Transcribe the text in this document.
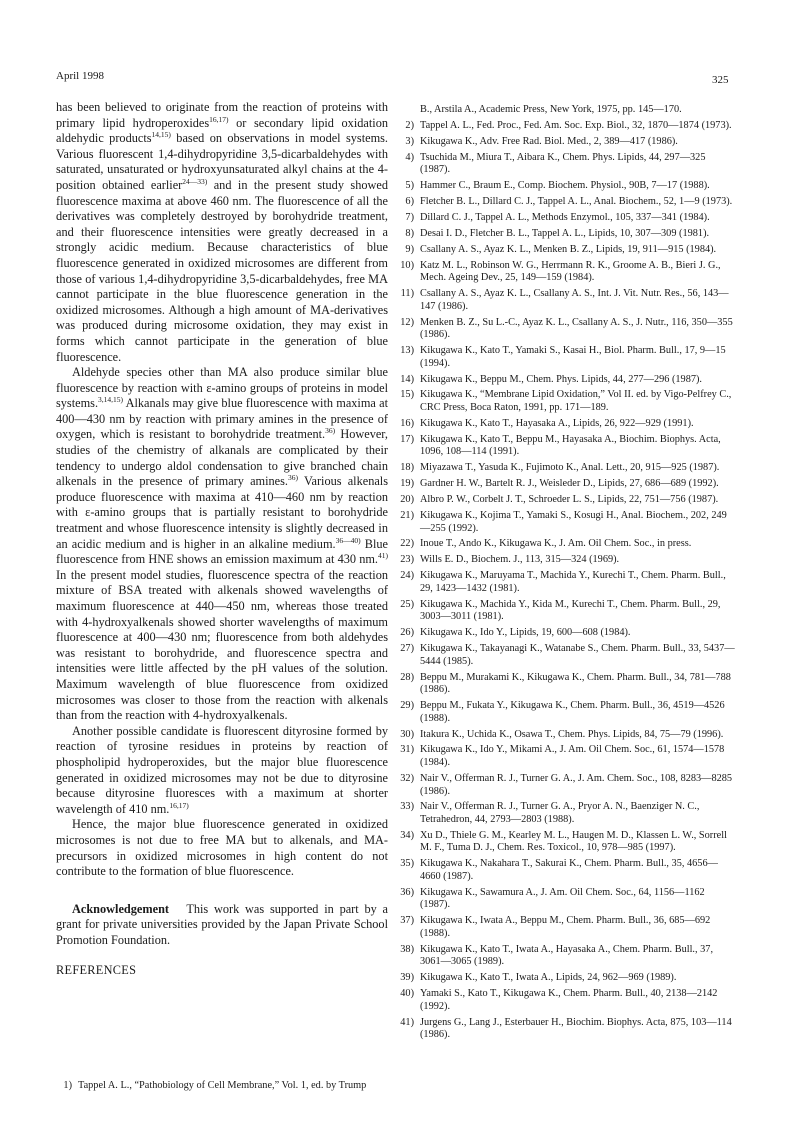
April 1998	325

has been believed to originate from the reaction of proteins with primary lipid hydroperoxides$^{16,17)}$ or secondary lipid oxidation aldehydic products$^{14,15)}$ based on observations in model systems. Various fluorescent 1,4-dihydropyridine 3,5-dicarbaldehydes with saturated, unsaturated or hydroxyunsaturated alkyl chains at the 4-position obtained earlier$^{24—33)}$ and in the present study showed fluorescence maxima at above 460 nm. The fluorescence of all the derivatives was completely destroyed by borohydride treatment, and their fluorescence intensities were greatly decreased in a strongly acidic medium. Because characteristics of blue fluorescence generated in oxidized microsomes are different from those of various 1,4-dihydropyridine 3,5-dicarbaldehydes, free MA cannot participate in the blue fluorescence generation in the oxidized microsomes. Although a high amount of MA-derivatives was produced during microsome oxidation, they may exist in forms which cannot participate in the generation of blue fluorescence.

Aldehyde species other than MA also produce similar blue fluorescence by reaction with ε-amino groups of proteins in model systems.$^{3,14,15)}$ Alkanals may give blue fluorescence with maxima at 400—430 nm by reaction with primary amines in the presence of oxygen, which is resistant to borohydride treatment.$^{36)}$ However, studies of the chemistry of alkanals are complicated by their tendency to undergo aldol condensation to give branched chain alkenals in the presence of primary amines.$^{36)}$ Various alkenals produce fluorescence with maxima at 410—460 nm by reaction with ε-amino groups that is partially resistant to borohydride treatment and whose fluorescence intensity is slightly decreased in an acidic medium and is higher in an alkaline medium.$^{36—40)}$ Blue fluorescence from HNE shows an emission maximum at 430 nm.$^{41)}$ In the present model studies, fluorescence spectra of the reaction mixture of BSA treated with alkenals showed wavelengths of maximum fluorescence at 440—450 nm, whereas those treated with 4-hydroxyalkenals showed shorter wavelengths of maximum fluorescence at 400—430 nm; fluorescence from both aldehydes was resistant to borohydride, and fluorescence spectra and intensities were little affected by the pH values of the solution. Maximum wavelength of blue fluorescence from oxidized microsomes was closer to those from the reaction with alkenals than from the reaction with 4-hydroxyalkenals.

Another possible candidate is fluorescent dityrosine formed by reaction of tyrosine residues in proteins by reaction of phospholipid hydroperoxides, but the major blue fluorescence generated in oxidized microsomes may not be due to dityrosine because dityrosine fluoresces with a maximum at shorter wavelength of 410 nm.$^{16,17)}$

Hence, the major blue fluorescence generated in oxidized microsomes is not due to free MA but to alkenals, and MA-precursors in oxidized microsomes in high content do not contribute to the formation of blue fluorescence.

Acknowledgement This work was supported in part by a grant for private universities provided by the Japan Private School Promotion Foundation.

REFERENCES

1) Tappel A. L., “Pathobiology of Cell Membrane,” Vol. 1, ed. by Trump
B., Arstila A., Academic Press, New York, 1975, pp. 145—170.
2) Tappel A. L., Fed. Proc., Fed. Am. Soc. Exp. Biol., 32, 1870—1874 (1973).
3) Kikugawa K., Adv. Free Rad. Biol. Med., 2, 389—417 (1986).
4) Tsuchida M., Miura T., Aibara K., Chem. Phys. Lipids, 44, 297—325 (1987).
5) Hammer C., Braum E., Comp. Biochem. Physiol., 90B, 7—17 (1988).
6) Fletcher B. L., Dillard C. J., Tappel A. L., Anal. Biochem., 52, 1—9 (1973).
7) Dillard C. J., Tappel A. L., Methods Enzymol., 105, 337—341 (1984).
8) Desai I. D., Fletcher B. L., Tappel A. L., Lipids, 10, 307—309 (1981).
9) Csallany A. S., Ayaz K. L., Menken B. Z., Lipids, 19, 911—915 (1984).
10) Katz M. L., Robinson W. G., Herrmann R. K., Groome A. B., Bieri J. G., Mech. Ageing Dev., 25, 149—159 (1984).
11) Csallany A. S., Ayaz K. L., Csallany A. S., Int. J. Vit. Nutr. Res., 56, 143—147 (1986).
12) Menken B. Z., Su L.-C., Ayaz K. L., Csallany A. S., J. Nutr., 116, 350—355 (1986).
13) Kikugawa K., Kato T., Yamaki S., Kasai H., Biol. Pharm. Bull., 17, 9—15 (1994).
14) Kikugawa K., Beppu M., Chem. Phys. Lipids, 44, 277—296 (1987).
15) Kikugawa K., “Membrane Lipid Oxidation,” Vol II. ed. by Vigo-Pelfrey C., CRC Press, Boca Raton, 1991, pp. 171—189.
16) Kikugawa K., Kato T., Hayasaka A., Lipids, 26, 922—929 (1991).
17) Kikugawa K., Kato T., Beppu M., Hayasaka A., Biochim. Biophys. Acta, 1096, 108—114 (1991).
18) Miyazawa T., Yasuda K., Fujimoto K., Anal. Lett., 20, 915—925 (1987).
19) Gardner H. W., Bartelt R. J., Weisleder D., Lipids, 27, 686—689 (1992).
20) Albro P. W., Corbelt J. T., Schroeder L. S., Lipids, 22, 751—756 (1987).
21) Kikugawa K., Kojima T., Yamaki S., Kosugi H., Anal. Biochem., 202, 249—255 (1992).
22) Inoue T., Ando K., Kikugawa K., J. Am. Oil Chem. Soc., in press.
23) Wills E. D., Biochem. J., 113, 315—324 (1969).
24) Kikugawa K., Maruyama T., Machida Y., Kurechi T., Chem. Pharm. Bull., 29, 1423—1432 (1981).
25) Kikugawa K., Machida Y., Kida M., Kurechi T., Chem. Pharm. Bull., 29, 3003—3011 (1981).
26) Kikugawa K., Ido Y., Lipids, 19, 600—608 (1984).
27) Kikugawa K., Takayanagi K., Watanabe S., Chem. Pharm. Bull., 33, 5437—5444 (1985).
28) Beppu M., Murakami K., Kikugawa K., Chem. Pharm. Bull., 34, 781—788 (1986).
29) Beppu M., Fukata Y., Kikugawa K., Chem. Pharm. Bull., 36, 4519—4526 (1988).
30) Itakura K., Uchida K., Osawa T., Chem. Phys. Lipids, 84, 75—79 (1996).
31) Kikugawa K., Ido Y., Mikami A., J. Am. Oil Chem. Soc., 61, 1574—1578 (1984).
32) Nair V., Offerman R. J., Turner G. A., J. Am. Chem. Soc., 108, 8283—8285 (1986).
33) Nair V., Offerman R. J., Turner G. A., Pryor A. N., Baenziger N. C., Tetrahedron, 44, 2793—2803 (1988).
34) Xu D., Thiele G. M., Kearley M. L., Haugen M. D., Klassen L. W., Sorrell M. F., Tuma D. J., Chem. Res. Toxicol., 10, 978—985 (1997).
35) Kikugawa K., Nakahara T., Sakurai K., Chem. Pharm. Bull., 35, 4656—4660 (1987).
36) Kikugawa K., Sawamura A., J. Am. Oil Chem. Soc., 64, 1156—1162 (1987).
37) Kikugawa K., Iwata A., Beppu M., Chem. Pharm. Bull., 36, 685—692 (1988).
38) Kikugawa K., Kato T., Iwata A., Hayasaka A., Chem. Pharm. Bull., 37, 3061—3065 (1989).
39) Kikugawa K., Kato T., Iwata A., Lipids, 24, 962—969 (1989).
40) Yamaki S., Kato T., Kikugawa K., Chem. Pharm. Bull., 40, 2138—2142 (1992).
41) Jurgens G., Lang J., Esterbauer H., Biochim. Biophys. Acta, 875, 103—114 (1986).
